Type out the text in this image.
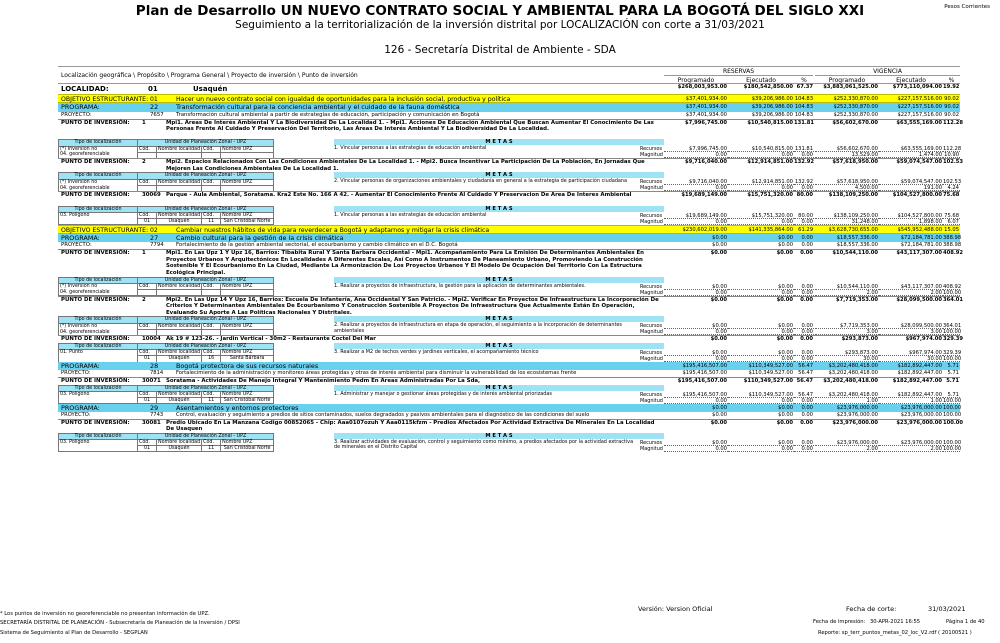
Plan de Desarrollo UN NUEVO CONTRATO SOCIAL Y AMBIENTAL PARA LA BOGOTÁ DEL SIGLO XXI
Seguimiento a la territorialización de la inversión distrital por LOCALIZACIÓN con corte a 31/03/2021
126 - Secretaría Distrital de Ambiente - SDA
Pesos Corrientes
Localización geográfica \ Propósito \ Programa General \ Proyecto de inversión \ Punto de inversión
RESERVAS	VIGENCIA
Programado	Ejecutado	%	Programado	Ejecutado	%
LOCALIDAD:	01	Usaquén	$268,003,953.00	$180,542,850.00 67.37	$3,883,061,525.00	$773,110,094.00 19.92
OBJETIVO ESTRUCTURANTE: 01	Hacer un nuevo contrato social con igualdad de oportunidades para la inclusión social, productiva y política	$37,401,934.00	$39,206,986.00 104.83	$252,330,870.00	$227,157,516.00 90.02
PROGRAMA:	22	Transformación cultural para la conciencia ambiental y el cuidado de la fauna doméstica	$37,401,934.00	$39,206,986.00 104.83	$252,330,870.00	$227,157,516.00 90.02
PROYECTO:	7657 Transformación cultural ambiental a partir de estrategias de educación, participación y comunicación en Bogotá	$37,401,934.00	$39,206,986.00 104.83	$252,330,870.00	$227,157,516.00 90.02
PUNTO DE INVERSIÓN: 1	Mpi1. Áreas De Interés Ambiental Y La Biodiversidad De La Localidad 1. - Mpi1. Acciones De Educación Ambiental Que Buscan Aumentar El Conocimiento De Las Personas Frente Al Cuidado Y Preservación Del Territorio, Las Áreas De Interés Ambiental Y La Biodiversidad De La Localidad.
$7,996,745.00	$10,540,815.00 131.81	$56,602,670.00	$63,555,169.00 112.28
Tipo de localización	Unidad de Planeación Zonal - UPZ			
(*) Inversion no	Cód.	Nombre localidad	Cód.	Nombre UPZ
04. georeferenciable				
M E T A S
1. Vincular personas a las estrategias de educación ambiental	Recursos
Magnitud
$7,996,745.00	$10,540,815.00 131.81	$56,602,670.00	$63,555,169.00 112.28
0.00	0.00	0.00	13,529.00	1,474.00 10.90
PUNTO DE INVERSIÓN: 2	Mpi2. Espacios Relacionados Con Las Condiciones Ambientales De La Localidad 1. - Mpi2. Busca Incentivar La Participación De La Población, En Jornadas Que Mejoren Las Condiciones Ambientales De La Localidad 1.
$9,716,040.00	$12,914,851.00 132.92	$57,618,950.00	$59,074,547.00 102.53
Tipo de localización	Unidad de Planeación Zonal - UPZ			
(*) Inversion no	Cód.	Nombre localidad	Cód.	Nombre UPZ
04. georeferenciable				
M E T A S
2. Vincular personas de organizaciones ambientales y ciudadanía en general a la estrategia de participación ciudadana	Recursos
Magnitud
$9,716,040.00	$12,914,851.00 132.92	$57,618,950.00	$59,074,547.00 102.53
0.00	0.00	0.00	4,500.00	191.00	4.24
PUNTO DE INVERSIÓN: 30069 Parque - Aula Ambiental, Soratama. Kra2 Este No. 166 A 42. - Aumentar El Conocimiento Frente Al Cuidado Y Preservacion De Area De Interes Ambiental	$19,689,149.00	$15,751,320.00 80.00	$138,109,250.00	$104,527,800.00 75.68
Tipo de localización	Unidad de Planeación Zonal - UPZ			
03. Poligono	Cód.	Nombre localidad	Cód.	Nombre UPZ
	01	Usaquén	11	San Cristóbal Norte
M E T A S
1. Vincular personas a las estrategias de educación ambiental	Recursos
Magnitud
$19,689,149.00	$15,751,320.00 80.00	$138,109,250.00	$104,527,800.00 75.68
0.00	0.00	0.00	31,248.00	1,898.00	6.07
OBJETIVO ESTRUCTURANTE: 02	Cambiar nuestros hábitos de vida para reverdecer a Bogotá y adaptarnos y mitigar la crisis climática	$230,602,019.00	$141,335,864.00 61.29	$3,628,730,655.00	$545,952,488.00 15.05
PROGRAMA:	27	Cambio cultural para la gestión de la crisis climática	$0.00	$0.00	0.00	$18,557,336.00	$72,184,781.00 388.98
PROYECTO:	7794 Fortalecimiento de la gestión ambiental sectorial, el ecourbanismo y cambio climático en el D.C. Bogotá	$0.00	$0.00	0.00	$18,557,336.00	$72,184,781.00 388.98
PUNTO DE INVERSIÓN: 1	Mpi1. En Las Upz 1 Y Upz 16, Barrios: Tibabita Rural Y Santa Barbara Occidental - Mpi1. Acompañamiento Para La Emisión De Determinantes Ambientales En Proyectos Urbanos Y Arquitectónicos En Localidades A Diferentes Escalas, Así Como A Instrumentos De Planeamiento Urbano, Promoviendo La Construcción Sostenible Y El Ecourbanismo En La Ciudad, Mediante La Armonización De Los Proyectos Urbanos Y El Modelo De Ocupación Del Territorio Con La Estructura Ecológica Principal.
$0.00	$0.00	0.00	$10,544,110.00	$43,117,307.00 408.92
Tipo de localización	Unidad de Planeación Zonal - UPZ			
(*) Inversion no	Cód.	Nombre localidad	Cód.	Nombre UPZ
04. georeferenciable				
M E T A S
1. Realizar a proyectos de infraestructura, la gestión para la aplicación de determinantes ambientales.	Recursos
Magnitud
$0.00	$0.00	0.00	$10,544,110.00	$43,117,307.00 408.92
0.00	0.00	0.00	2.00	2.00 100.00
PUNTO DE INVERSIÓN: 2	Mpi2. En Las Upz 14 Y Upz 16, Barrios: Escuela De Infantería, Ana Occidental Y San Patricio. - Mpi2. Verificar En Proyectos De Infraestructura La Incorporación De Criterios Y Determinantes Ambientales De Ecourbanismo Y Construcción Sostenible A Proyectos De Infraestructura Que Actualmente Están En Operación, Evaluando Su Aporte A Las Políticas Nacionales Y Distritales.
$0.00	$0.00	0.00	$7,719,353.00	$28,099,500.00 364.01
Tipo de localización	Unidad de Planeación Zonal - UPZ			
(*) Inversion no	Cód.	Nombre localidad	Cód.	Nombre UPZ
04. georeferenciable				
M E T A S
2. Realizar a proyectos de infraestructura en etapa de operación, el seguimiento a la incorporación de determinantes ambientales
Recursos
Magnitud
$0.00	$0.00	0.00	$7,719,353.00	$28,099,500.00 364.01
0.00	0.00	0.00	3.00	3.00 100.00
PUNTO DE INVERSIÓN: 10004 Ak 19 # 123-26. - Jardin Vertical - 30m2 - Restaurante Coctel Del Mar	$0.00	$0.00	0.00	$293,873.00	$967,974.00 329.39
Tipo de localización	Unidad de Planeación Zonal - UPZ			
01. Punto	Cód.	Nombre localidad	Cód.	Nombre UPZ
	01	Usaquén	16	Santa Bárbara
M E T A S
3. Realizar a M2 de techos verdes y jardines verticales, el acompañamiento técnico	Recursos
Magnitud
$0.00	$0.00	0.00	$293,873.00	$967,974.00 329.39
0.00	0.00	0.00	30.00	30.00 100.00
PROGRAMA:	28	Bogotá protectora de sus recursos naturales	$195,416,507.00	$110,349,527.00 56.47	$3,202,480,418.00	$182,892,447.00	5.71
PROYECTO:	7814 Fortalecimiento de la administración y monitoreo áreas protegidas y otras de interés ambiental para disminuir la vulnerabilidad de los ecosistemas frente	$195,416,507.00	$110,349,527.00 56.47	$3,202,480,418.00	$182,892,447.00	5.71
PUNTO DE INVERSIÓN: 30071 Soratama - Actividades De Manejo Integral Y Mantenimiento Pedm En Areas Administradas Por La Sda,	$195,416,507.00	$110,349,527.00 56.47	$3,202,480,418.00	$182,892,447.00 5.71
Tipo de localización	Unidad de Planeación Zonal - UPZ			
03. Poligono	Cód.	Nombre localidad	Cód.	Nombre UPZ
	01	Usaquén	11	San Cristóbal Norte
M E T A S
1. Administrar y manejar o gestionar áreas protegidas y de interés ambiental priorizadas	Recursos
Magnitud
$195,416,507.00	$110,349,527.00 56.47	$3,202,480,418.00	$182,892,447.00	5.71
0.00	0.00	0.00	1.00	1.00 100.00
PROGRAMA:	29	Asentamientos y entornos protectores	$0.00	$0.00	0.00	$23,976,000.00	$23,976,000.00 100.00
PROYECTO:	7743 Control, evaluación y seguimiento a predios de sitios contaminados, suelos degradados y pasivos ambientales para el diagnóstico de las condiciones del suelo	$0.00	$0.00	0.00	$23,976,000.00	$23,976,000.00 100.00
PUNTO DE INVERSIÓN: 30081 Predio Ubicado En La Manzana Codigo 00852065 - Chip: Aaa0107ozuh Y Aaa0115kfzm - Predios Afectados Por Actividad Extractiva De Minerales En La Localidad De Usaquen
$0.00	$0.00	0.00	$23,976,000.00	$23,976,000.00 100.00
Tipo de localización	Unidad de Planeación Zonal - UPZ			
03. Poligono	Cód.	Nombre localidad	Cód.	Nombre UPZ
	01	Usaquén	11	San Cristóbal Norte
M E T A S
3. Realizar actividades de evaluación, control y seguimiento como mínimo, a predios afectados por la actividad extractiva de minerales en el Distrito Capital
Recursos
Magnitud
$0.00	$0.00	0.00	$23,976,000.00	$23,976,000.00 100.00
0.00	0.00	0.00	2.00	2.00 100.00
* Los puntos de inversión no georeferenciable no presentan información de UPZ.
SECRETARÍA DISTRITAL DE PLANEACIÓN - Subsecretaría de Planeación de la Inversión / DPSI
Sistema de Seguimiento al Plan de Desarrollo - SEGPLAN
Versión: Version Oficial	Fecha de corte:	31/03/2021
Fecha de impresión: 30-APR-2021 16:55	Página 1 de 40
Reporte: sp_terr_puntos_metas_02_loc_V2.rdf ( 20100521 )
